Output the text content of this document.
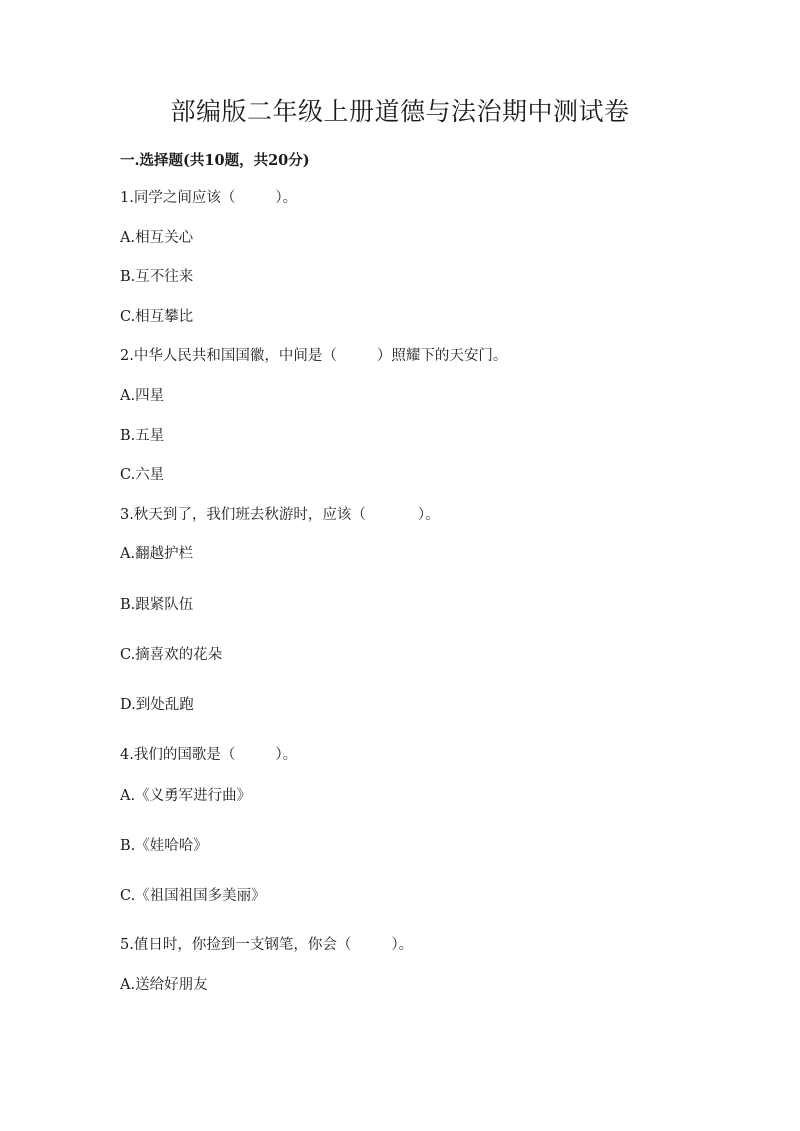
部编版二年级上册道德与法治期中测试卷
一.选择题(共10题，共20分)
1.同学之间应该（	）。
A.相互关心
B.互不往来
C.相互攀比
2.中华人民共和国国徽，中间是（	）照耀下的天安门。
A.四星
B.五星
C.六星
3.秋天到了，我们班去秋游时，应该（	）。
A.翻越护栏
B.跟紧队伍
C.摘喜欢的花朵
D.到处乱跑
4.我们的国歌是（	）。
A.《义勇军进行曲》
B.《娃哈哈》
C.《祖国祖国多美丽》
5.值日时，你捡到一支钢笔，你会（	）。
A.送给好朋友
